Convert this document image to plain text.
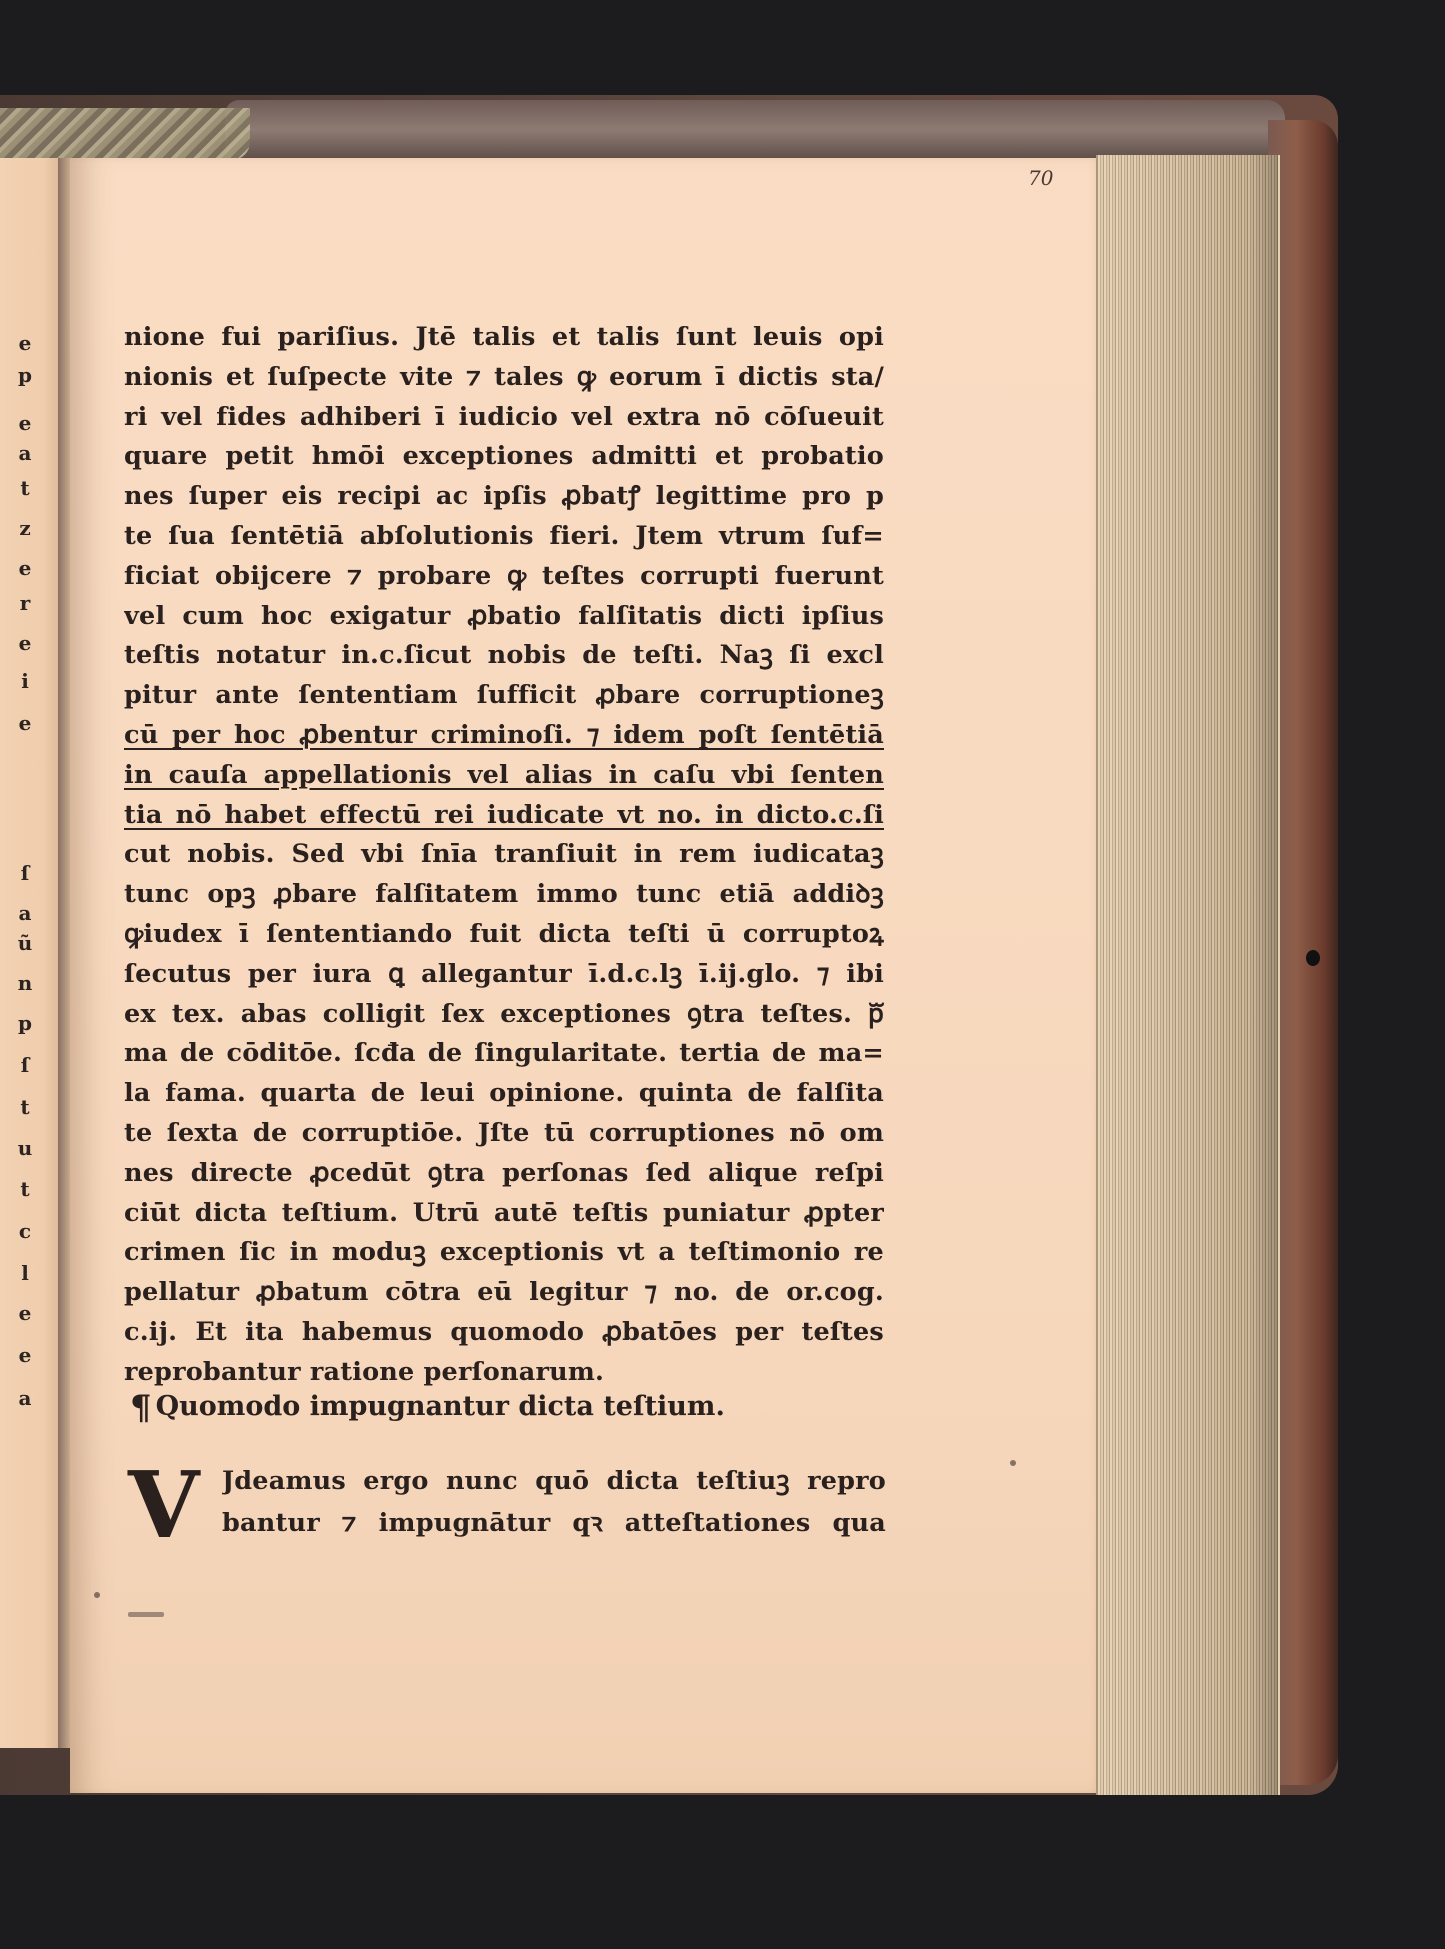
e
p
e
a
t
z
e
r
e
i
e
ſ
a
ũ
n
p
ſ
t
u
t
c
l
e
e
a
70
nione fui pariſius. Jtē talis et talis ſunt leuis opi
nionis et ſuſpecte vite ⁊ tales ꝙ eorum ī dictis sta/
ri vel fides adhiberi ī iudicio vel extra nō cōſueuit
quare petit hmōi exceptiones admitti et probatio
nes ſuper eis recipi ac ipſis ꝓbatꝭ legittime pro p
te ſua ſentētiā abſolutionis fieri. Jtem vtrum ſuf=
ficiat obijcere ⁊ probare ꝙ teſtes corrupti fuerunt
vel cum hoc exigatur ꝓbatio falſitatis dicti ipſius
teſtis notatur in.c.ſicut nobis de teſti. Naꝫ ſi excl
pitur ante ſententiam ſufficit ꝓbare corruptioneꝫ
cū per hoc ꝓbentur criminoſi. ⁊ idem poſt ſentētiā
in cauſa appellationis vel alias in caſu vbi ſenten
tia nō habet effectū rei iudicate vt no. in dicto.c.ſi
cut nobis. Sed vbi ſnīa tranſiuit in rem iudicataꝫ
tunc opꝫ ꝓbare falſitatem immo tunc etiā addiꝺꝫ
ꝙiudex ī ſententiando fuit dicta teſti ū corruptoꝝ
ſecutus per iura ꝗ allegantur ī.d.c.lꝫ ī.ij.glo. ⁊ ibi
ex tex. abas colligit ſex exceptiones ꝯtra teſtes. pᷓ
ma de cōditōe. ſcđa de ſingularitate. tertia de ma=
la fama. quarta de leui opinione. quinta de falſita
te ſexta de corruptiōe. Jſte tū corruptiones nō om
nes directe ꝓcedūt ꝯtra perſonas ſed alique reſpi
ciūt dicta teſtium. Utrū autē teſtis puniatur ꝓpter
crimen ſic in moduꝫ exceptionis vt a teſtimonio re
pellatur ꝓbatum cōtra eū legitur ⁊ no. de or.cog.
c.ij. Et ita habemus quomodo ꝓbatōes per teſtes
reprobantur ratione perſonarum.
¶ Quomodo impugnantur dicta teſtium.
V Jdeamus ergo nunc quō dicta teſtiuꝫ repro
bantur ⁊ impugnātur qꝛ atteſtationes qua
